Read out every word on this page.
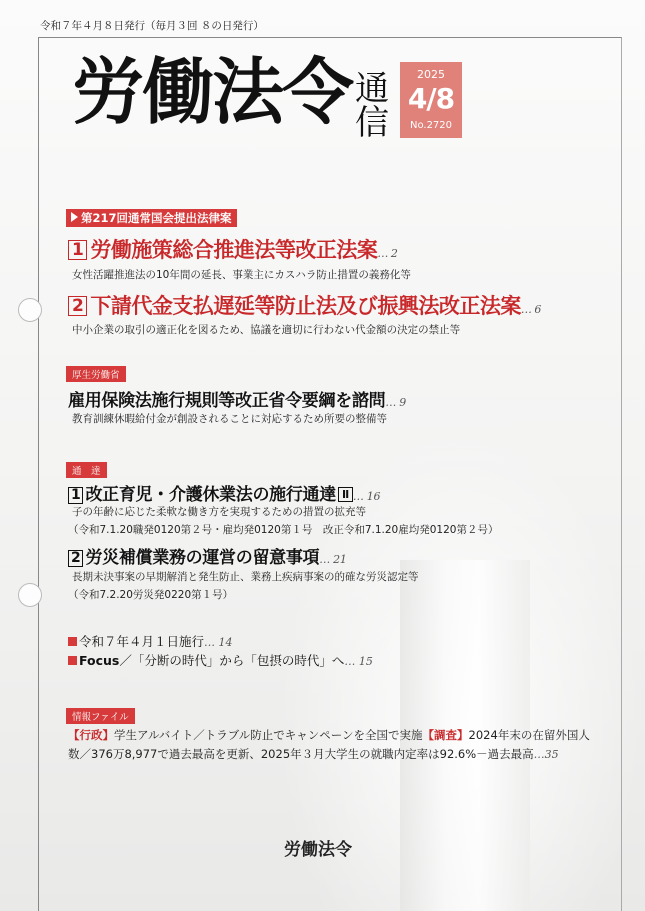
令和７年４月８日発行（毎月３回 ８の日発行）
労働法令 通
信
2025
4/8
No.2720
第217回通常国会提出法律案
1 労働施策総合推進法等改正法案… 2
女性活躍推進法の10年間の延長、事業主にカスハラ防止措置の義務化等
2 下請代金支払遅延等防止法及び振興法改正法案… 6
中小企業の取引の適正化を図るため、協議を適切に行わない代金額の決定の禁止等
厚生労働省
雇用保険法施行規則等改正省令要綱を諮問… 9
教育訓練休暇給付金が創設されることに対応するため所要の整備等
通　達
1 改正育児・介護休業法の施行通達 Ⅱ … 16
子の年齢に応じた柔軟な働き方を実現するための措置の拡充等
（令和7.1.20職発0120第２号・雇均発0120第１号　改正令和7.1.20雇均発0120第２号）
2 労災補償業務の運営の留意事項… 21
長期未決事案の早期解消と発生防止、業務上疾病事案の的確な労災認定等
（令和7.2.20労災発0220第１号）
令和７年４月１日施行… 14
Focus／「分断の時代」から「包摂の時代」へ… 15
情報ファイル
【行政】学生アルバイト／トラブル防止でキャンペーンを全国で実施【調査】2024年末の在留外国人
数／376万8,977で過去最高を更新、2025年３月大学生の就職内定率は92.6%－過去最高…35
労働法令
